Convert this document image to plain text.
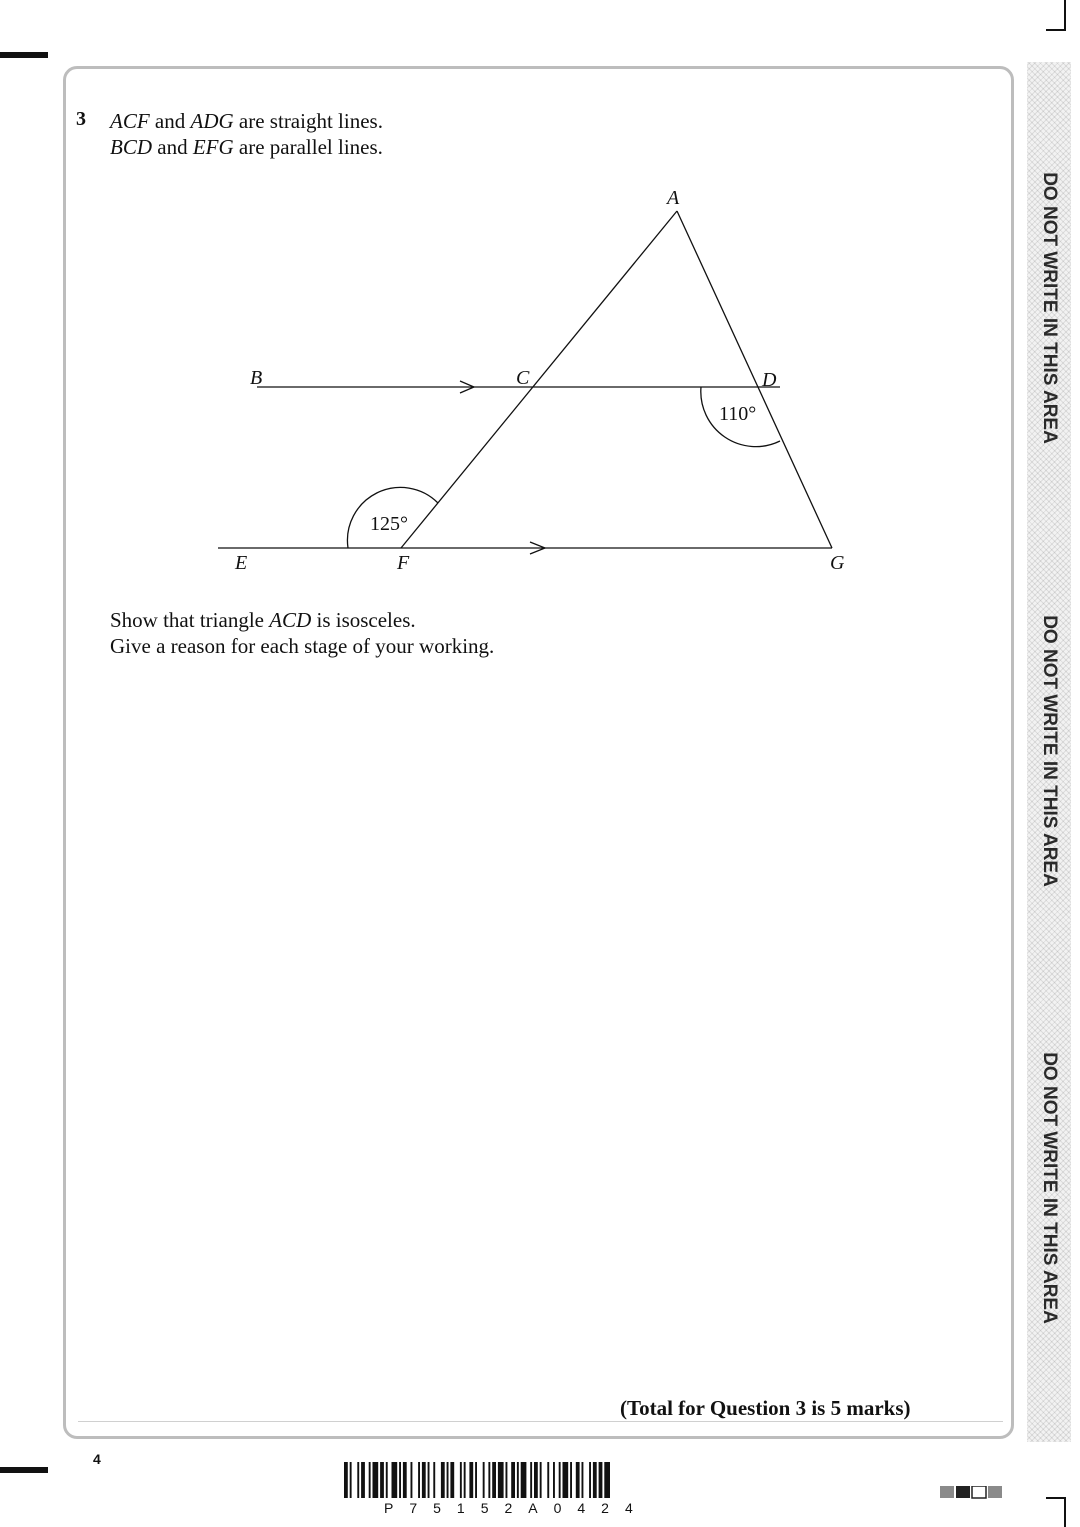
3 ACF and ADG are straight lines.
BCD and EFG are parallel lines.
A
B	C	D
E	F	G
125°
110°
Show that triangle ACD is isosceles.
Give a reason for each stage of your working.
(Total for Question 3 is 5 marks)
4
DO NOT WRITE IN THIS AREA
DO NOT WRITE IN THIS AREA
DO NOT WRITE IN THIS AREA
P75152A0424
